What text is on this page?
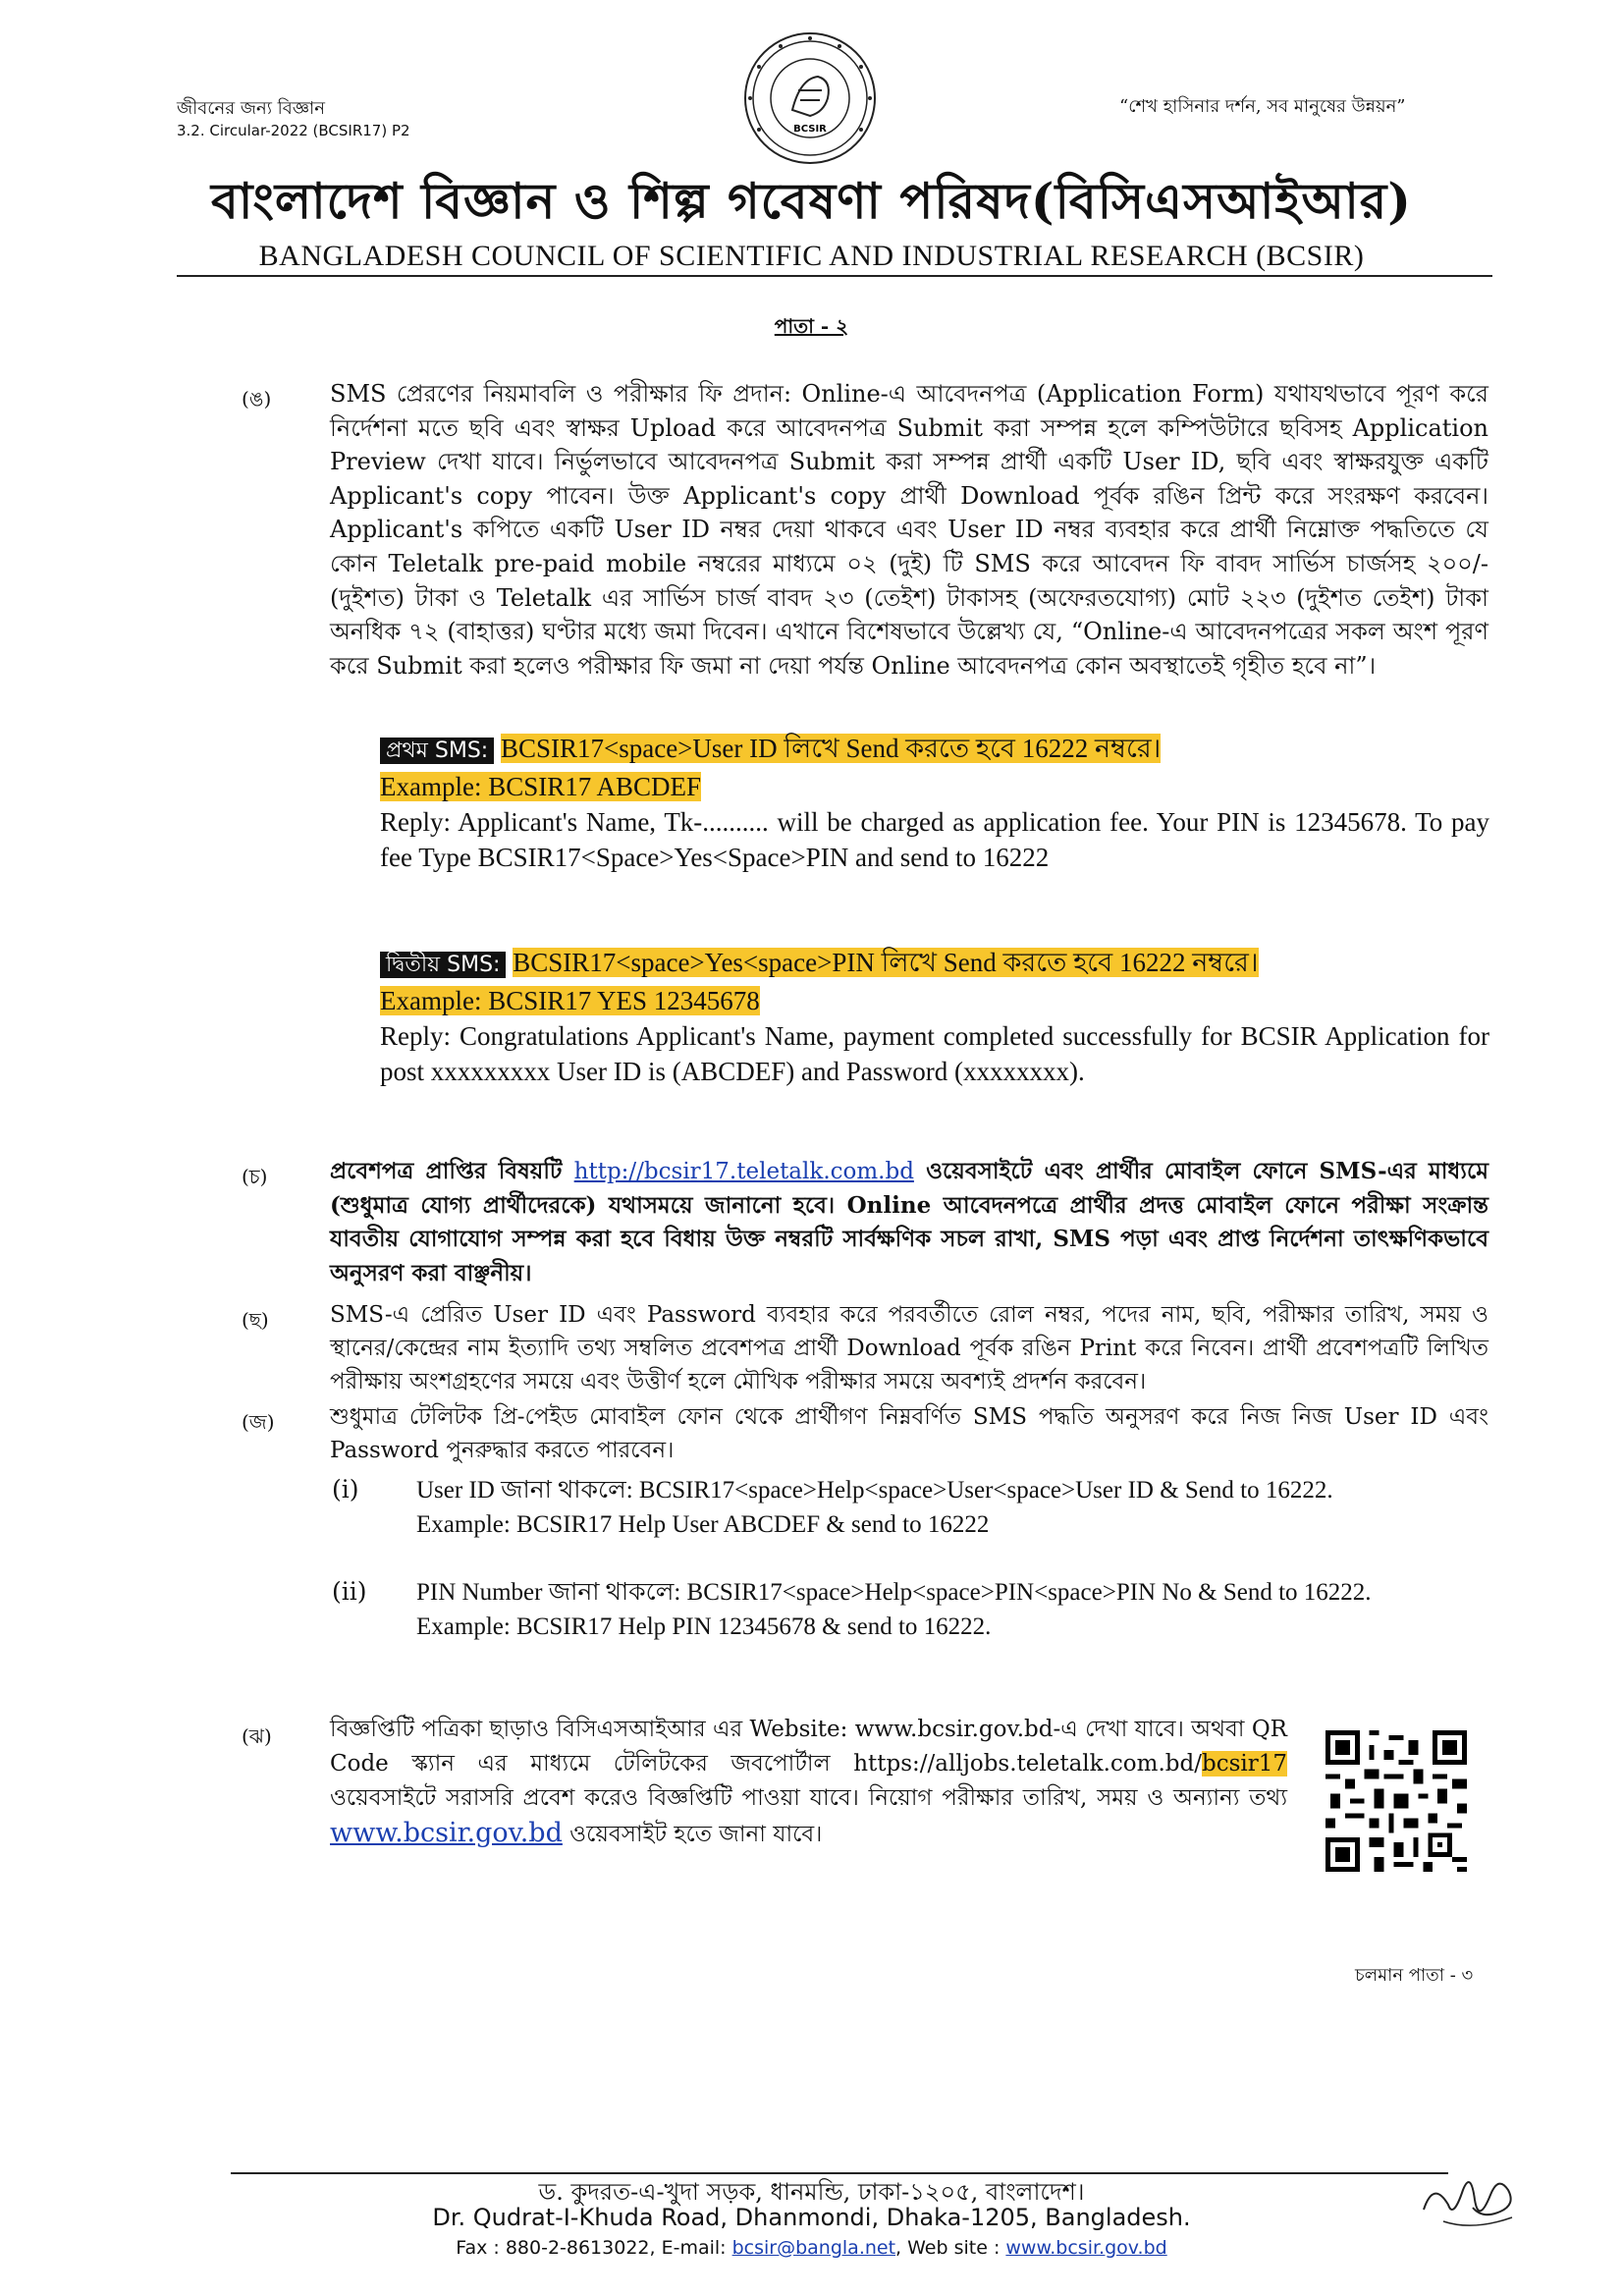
জীবনের জন্য বিজ্ঞান
3.2. Circular-2022 (BCSIR17) P2
“শেখ হাসিনার দর্শন, সব মানুষের উন্নয়ন”
BCSIR
বাংলাদেশ বিজ্ঞান ও শিল্প গবেষণা পরিষদ(বিসিএসআইআর)
BANGLADESH COUNCIL OF SCIENTIFIC AND INDUSTRIAL RESEARCH (BCSIR)
পাতা - ২
(ঙ) SMS প্রেরণের নিয়মাবলি ও পরীক্ষার ফি প্রদান: Online-এ আবেদনপত্র (Application Form) যথাযথভাবে পূরণ করে নির্দেশনা মতে ছবি এবং স্বাক্ষর Upload করে আবেদনপত্র Submit করা সম্পন্ন হলে কম্পিউটারে ছবিসহ Application Preview দেখা যাবে। নির্ভুলভাবে আবেদনপত্র Submit করা সম্পন্ন প্রার্থী একটি User ID, ছবি এবং স্বাক্ষরযুক্ত একটি Applicant's copy পাবেন। উক্ত Applicant's copy প্রার্থী Download পূর্বক রঙিন প্রিন্ট করে সংরক্ষণ করবেন। Applicant's কপিতে একটি User ID নম্বর দেয়া থাকবে এবং User ID নম্বর ব্যবহার করে প্রার্থী নিম্নোক্ত পদ্ধতিতে যে কোন Teletalk pre-paid mobile নম্বরের মাধ্যমে ০২ (দুই) টি SMS করে আবেদন ফি বাবদ সার্ভিস চার্জসহ ২০০/- (দুইশত) টাকা ও Teletalk এর সার্ভিস চার্জ বাবদ ২৩ (তেইশ) টাকাসহ (অফেরতযোগ্য) মোট ২২৩ (দুইশত তেইশ) টাকা অনধিক ৭২ (বাহাত্তর) ঘণ্টার মধ্যে জমা দিবেন। এখানে বিশেষভাবে উল্লেখ্য যে, “Online-এ আবেদনপত্রের সকল অংশ পূরণ করে Submit করা হলেও পরীক্ষার ফি জমা না দেয়া পর্যন্ত Online আবেদনপত্র কোন অবস্থাতেই গৃহীত হবে না”।

প্রথম SMS: BCSIR17<space>User ID লিখে Send করতে হবে 16222 নম্বরে।
Example: BCSIR17 ABCDEF
Reply: Applicant's Name, Tk-.......... will be charged as application fee. Your PIN is 12345678. To pay fee Type BCSIR17<Space>Yes<Space>PIN and send to 16222
দ্বিতীয় SMS: BCSIR17<space>Yes<space>PIN লিখে Send করতে হবে 16222 নম্বরে।
Example: BCSIR17 YES 12345678
Reply: Congratulations Applicant's Name, payment completed successfully for BCSIR Application for post xxxxxxxxx User ID is (ABCDEF) and Password (xxxxxxxx).
(চ)	প্রবেশপত্র প্রাপ্তির বিষয়টি http://bcsir17.teletalk.com.bd ওয়েবসাইটে এবং প্রার্থীর মোবাইল ফোনে SMS-এর মাধ্যমে (শুধুমাত্র যোগ্য প্রার্থীদেরকে) যথাসময়ে জানানো হবে। Online আবেদনপত্রে প্রার্থীর প্রদত্ত মোবাইল ফোনে পরীক্ষা সংক্রান্ত যাবতীয় যোগাযোগ সম্পন্ন করা হবে বিধায় উক্ত নম্বরটি সার্বক্ষণিক সচল রাখা, SMS পড়া এবং প্রাপ্ত নির্দেশনা তাৎক্ষণিকভাবে অনুসরণ করা বাঞ্ছনীয়।

(ছ)	SMS-এ প্রেরিত User ID এবং Password ব্যবহার করে পরবর্তীতে রোল নম্বর, পদের নাম, ছবি, পরীক্ষার তারিখ, সময় ও স্থানের/কেন্দ্রের নাম ইত্যাদি তথ্য সম্বলিত প্রবেশপত্র প্রার্থী Download পূর্বক রঙিন Print করে নিবেন। প্রার্থী প্রবেশপত্রটি লিখিত পরীক্ষায় অংশগ্রহণের সময়ে এবং উত্তীর্ণ হলে মৌখিক পরীক্ষার সময়ে অবশ্যই প্রদর্শন করবেন।

(জ) শুধুমাত্র টেলিটক প্রি-পেইড মোবাইল ফোন থেকে প্রার্থীগণ নিম্নবর্ণিত SMS পদ্ধতি অনুসরণ করে নিজ নিজ User ID এবং Password পুনরুদ্ধার করতে পারবেন।

(i) User ID জানা থাকলে: BCSIR17<space>Help<space>User<space>User ID & Send to 16222.
Example: BCSIR17 Help User ABCDEF & send to 16222
(ii) PIN Number জানা থাকলে: BCSIR17<space>Help<space>PIN<space>PIN No & Send to 16222.
Example: BCSIR17 Help PIN 12345678 & send to 16222.
(ঝ)	বিজ্ঞপ্তিটি পত্রিকা ছাড়াও বিসিএসআইআর এর Website: www.bcsir.gov.bd-এ দেখা যাবে। অথবা QR Code স্ক্যান এর মাধ্যমে টেলিটকের জবপোর্টাল https://alljobs.teletalk.com.bd/bcsir17 ওয়েবসাইটে সরাসরি প্রবেশ করেও বিজ্ঞপ্তিটি পাওয়া যাবে। নিয়োগ পরীক্ষার তারিখ, সময় ও অন্যান্য তথ্য www.bcsir.gov.bd ওয়েবসাইট হতে জানা যাবে।

চলমান পাতা - ৩
ড. কুদরত-এ-খুদা সড়ক, ধানমন্ডি, ঢাকা-১২০৫, বাংলাদেশ।
Dr. Qudrat-I-Khuda Road, Dhanmondi, Dhaka-1205, Bangladesh.
Fax : 880-2-8613022, E-mail: bcsir@bangla.net, Web site : www.bcsir.gov.bd
